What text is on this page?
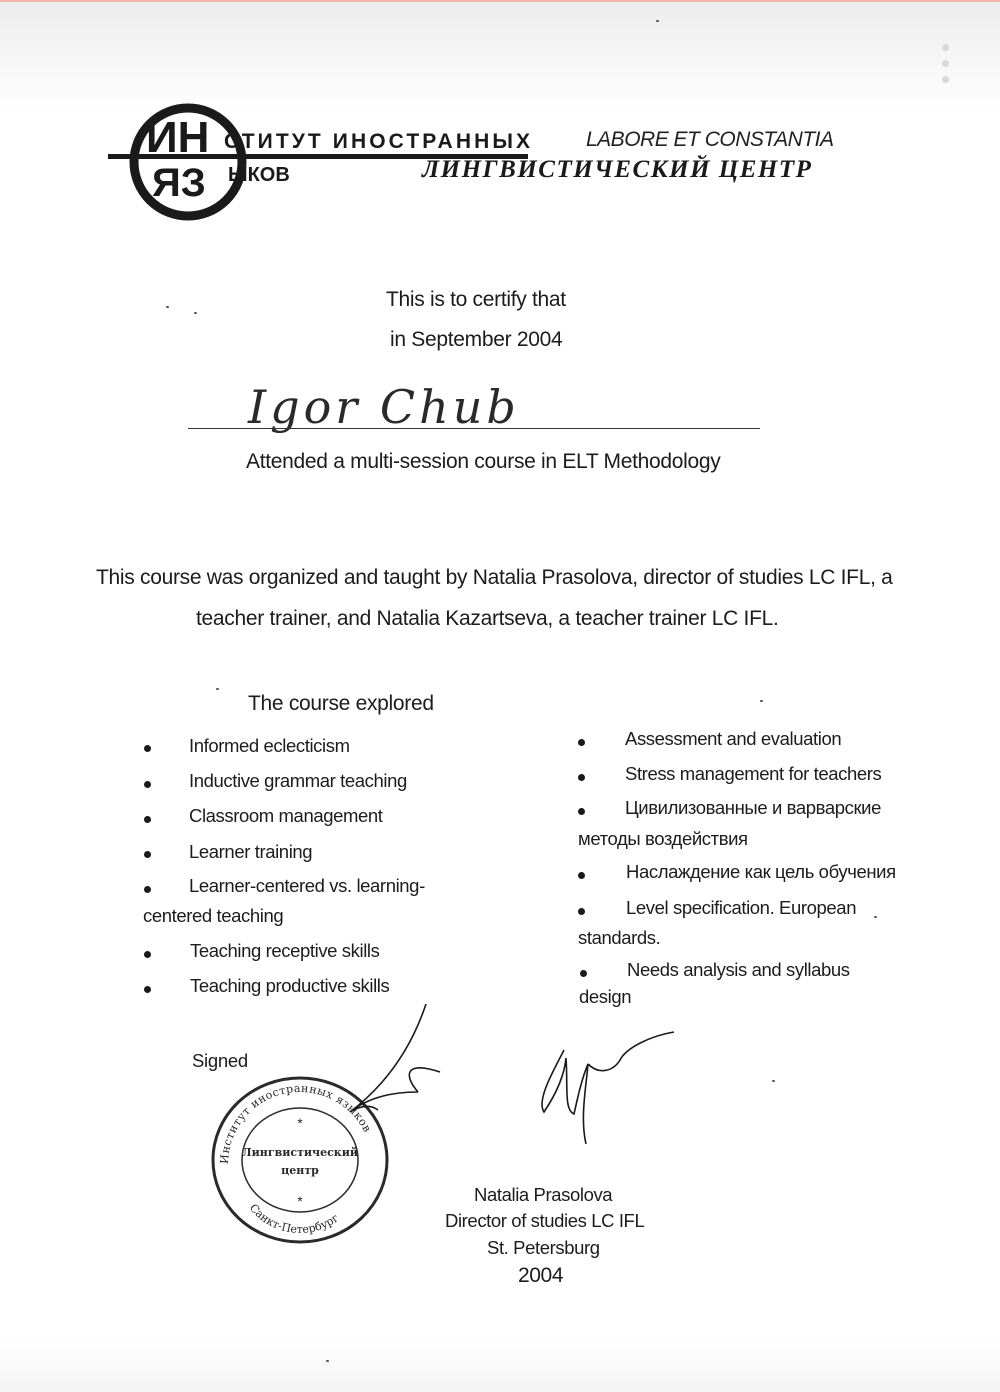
ИН
ЯЗ
СТИТУТ ИНОСТРАННЫХ
ЫКОВ
LABORE ET CONSTANTIA
ЛИНГВИСТИЧЕСКИЙ ЦЕНТР
This is to certify that
in September 2004
Igor Chub
Attended a multi-session course in ELT Methodology
This course was organized and taught by Natalia Prasolova, director of studies LC IFL, a
teacher trainer, and Natalia Kazartseva, a teacher trainer LC IFL.
The course explored
Informed eclecticism
Inductive grammar teaching
Classroom management
Learner training
Learner-centered vs. learning-
centered teaching
Teaching receptive skills
Teaching productive skills
Assessment and evaluation
Stress management for teachers
Цивилизованные и варварские
методы воздействия
Наслаждение как цель обучения
Level specification. European
standards.
Needs analysis and syllabus
design
Signed
Институт иностранных языков
Санкт-Петербург
*
*
Лингвистический
центр
Natalia Prasolova
Director of studies LC IFL
St. Petersburg
2004
